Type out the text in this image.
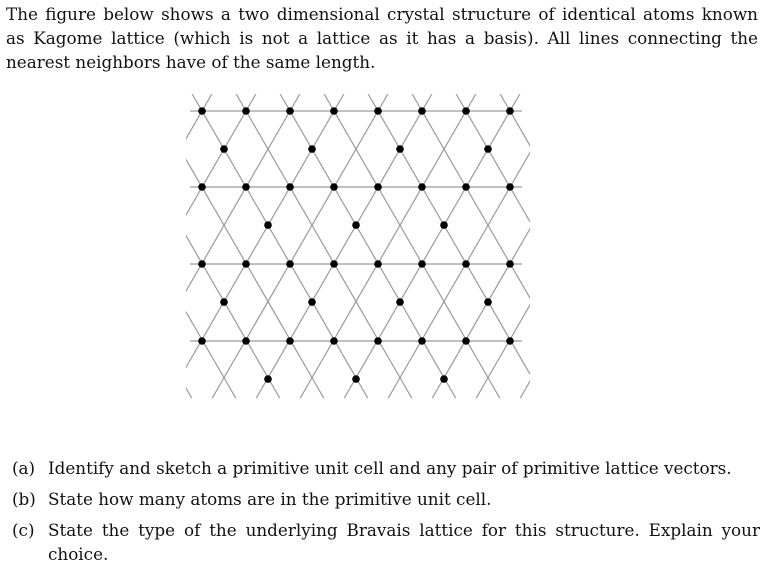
The figure below shows a two dimensional crystal structure of identical atoms known as Kagome lattice (which is not a lattice as it has a basis). All lines connecting the nearest neighbors have of the same length.

(a) Identify and sketch a primitive unit cell and any pair of primitive lattice vectors.
(b) State how many atoms are in the primitive unit cell.
(c) State the type of the underlying Bravais lattice for this structure. Explain your choice.
